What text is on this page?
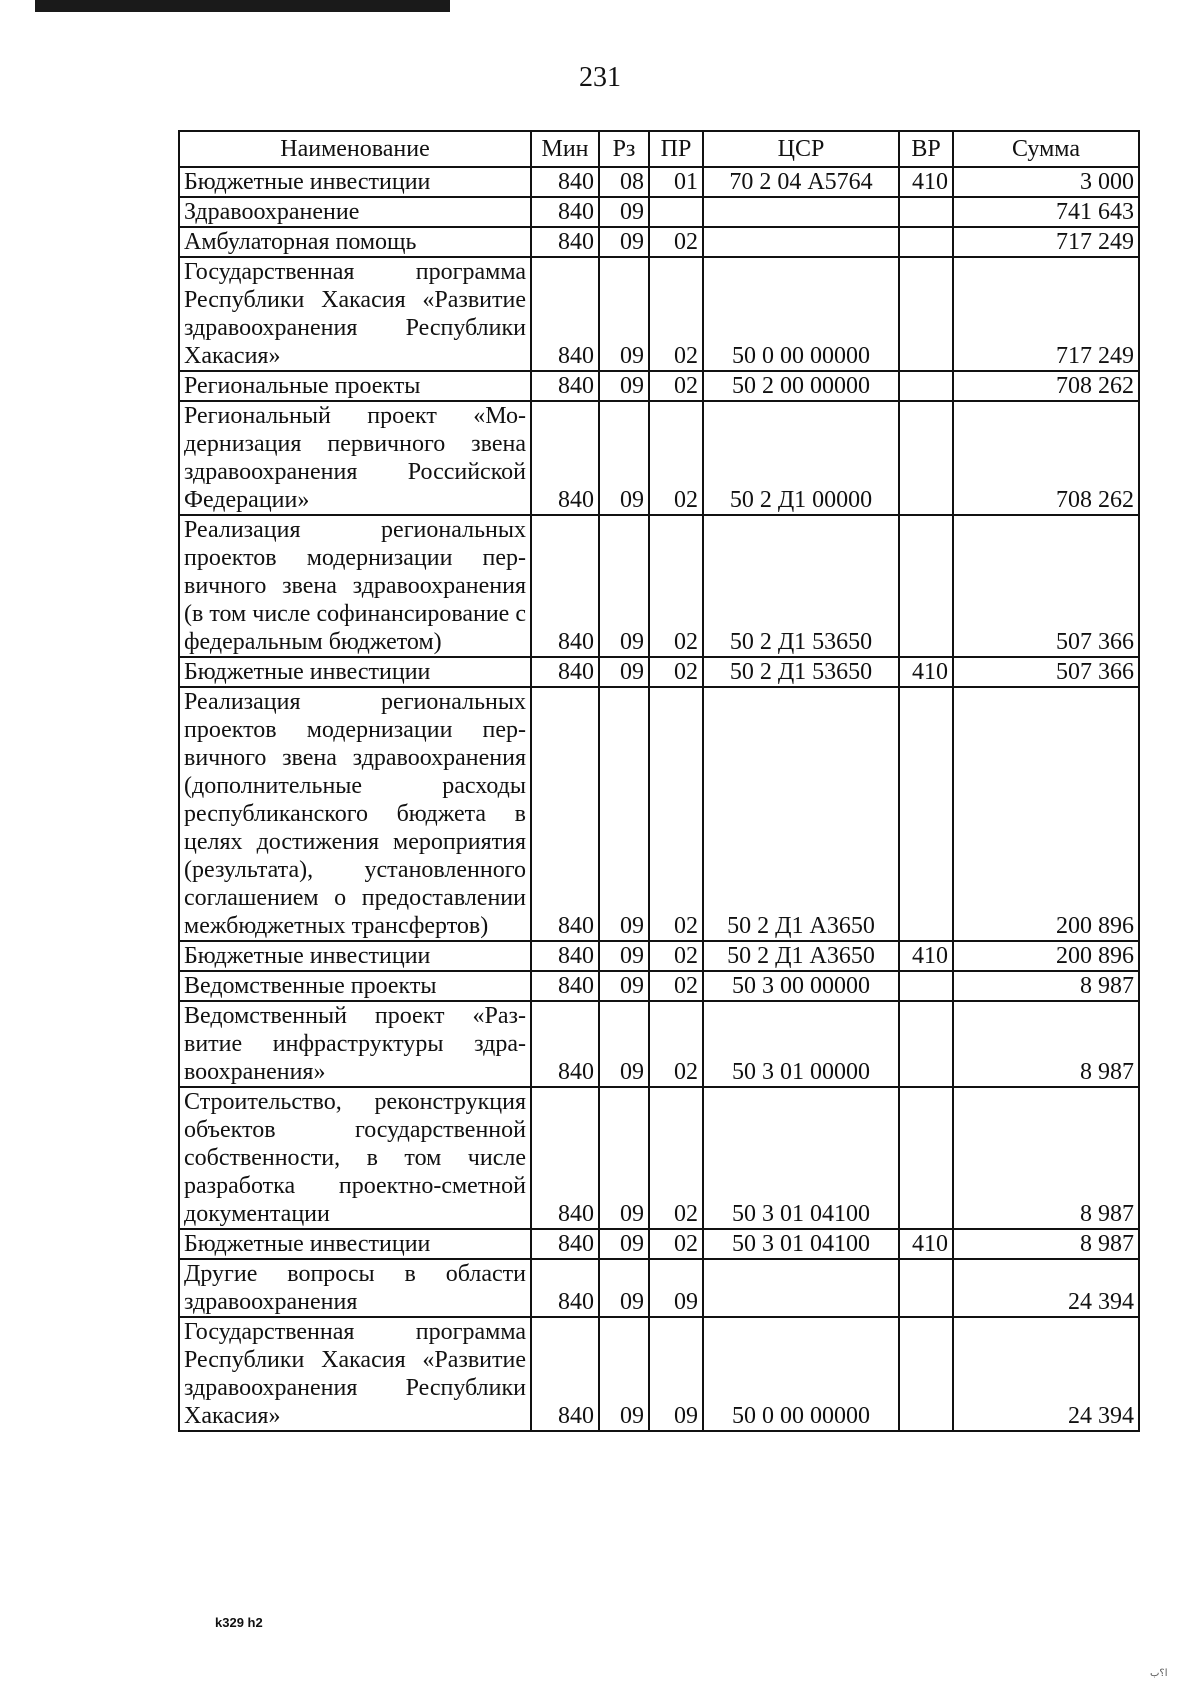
231
Наименование	Мин	Рз	ПР	ЦСР	ВР	Сумма
Бюджетные инвестиции	840	08	01	70 2 04 А5764	410	3 000
Здравоохранение	840	09				741 643
Амбулаторная помощь	840	09	02			717 249
Государственная программа Республики Хакасия «Развитие здравоохранения Республики Хакасия»	840	09	02	50 0 00 00000		717 249
Региональные проекты	840	09	02	50 2 00 00000		708 262
Региональный проект «Модернизация первичного звена здравоохранения Российской Федерации»	840	09	02	50 2 Д1 00000		708 262
Реализация региональных проектов модернизации первичного звена здравоохранения (в том числе софинансирование с федеральным бюджетом)	840	09	02	50 2 Д1 53650		507 366
Бюджетные инвестиции	840	09	02	50 2 Д1 53650	410	507 366
Реализация региональных проектов модернизации первичного звена здравоохранения (дополнительные расходы республиканского бюджета в целях достижения мероприятия (результата), установленного соглашением о предоставлении межбюджетных трансфертов)	840	09	02	50 2 Д1 А3650		200 896
Бюджетные инвестиции	840	09	02	50 2 Д1 А3650	410	200 896
Ведомственные проекты	840	09	02	50 3 00 00000		8 987
Ведомственный проект «Развитие инфраструктуры здравоохранения»	840	09	02	50 3 01 00000		8 987
Строительство, реконструкция объектов государственной собственности, в том числе разработка проектно-сметной документации	840	09	02	50 3 01 04100		8 987
Бюджетные инвестиции	840	09	02	50 3 01 04100	410	8 987
Другие вопросы в области здравоохранения	840	09	09			24 394
Государственная программа Республики Хакасия «Развитие здравоохранения Республики Хакасия»	840	09	09	50 0 00 00000		24 394
k329 h2
ا؟ب
